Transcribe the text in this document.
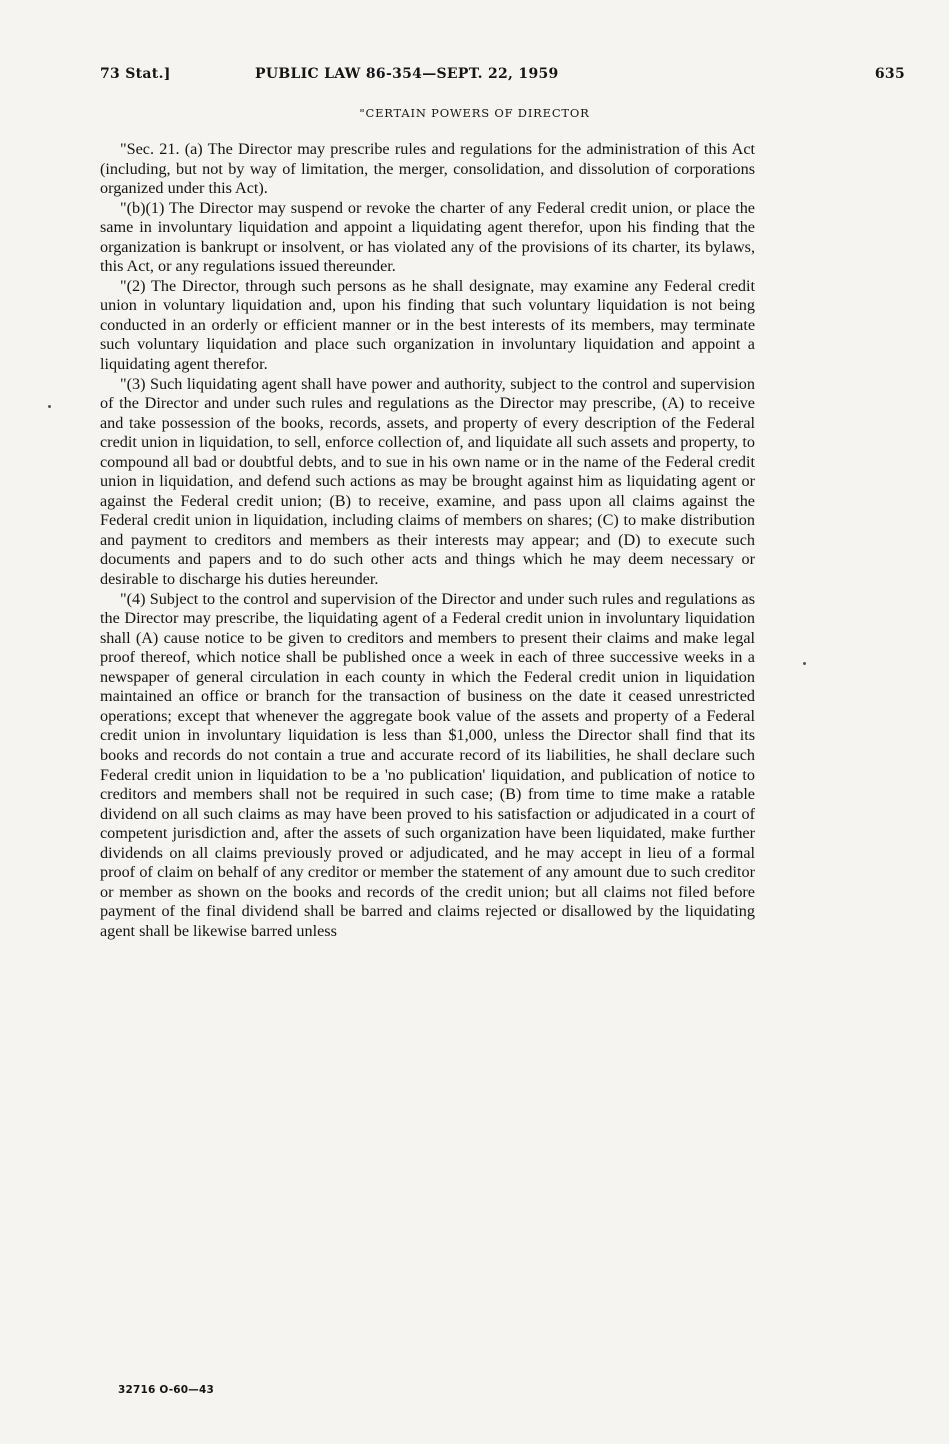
73 Stat.]	PUBLIC LAW 86-354—SEPT. 22, 1959	635
"CERTAIN POWERS OF DIRECTOR

"Sec. 21. (a) The Director may prescribe rules and regulations for the administration of this Act (including, but not by way of limitation, the merger, consolidation, and dissolution of corporations organized under this Act).

"(b)(1) The Director may suspend or revoke the charter of any Federal credit union, or place the same in involuntary liquidation and appoint a liquidating agent therefor, upon his finding that the organization is bankrupt or insolvent, or has violated any of the provisions of its charter, its bylaws, this Act, or any regulations issued thereunder.

"(2) The Director, through such persons as he shall designate, may examine any Federal credit union in voluntary liquidation and, upon his finding that such voluntary liquidation is not being conducted in an orderly or efficient manner or in the best interests of its members, may terminate such voluntary liquidation and place such organization in involuntary liquidation and appoint a liquidating agent therefor.

"(3) Such liquidating agent shall have power and authority, subject to the control and supervision of the Director and under such rules and regulations as the Director may prescribe, (A) to receive and take possession of the books, records, assets, and property of every description of the Federal credit union in liquidation, to sell, enforce collection of, and liquidate all such assets and property, to compound all bad or doubtful debts, and to sue in his own name or in the name of the Federal credit union in liquidation, and defend such actions as may be brought against him as liquidating agent or against the Federal credit union; (B) to receive, examine, and pass upon all claims against the Federal credit union in liquidation, including claims of members on shares; (C) to make distribution and payment to creditors and members as their interests may appear; and (D) to execute such documents and papers and to do such other acts and things which he may deem necessary or desirable to discharge his duties hereunder.

"(4) Subject to the control and supervision of the Director and under such rules and regulations as the Director may prescribe, the liquidating agent of a Federal credit union in involuntary liquidation shall (A) cause notice to be given to creditors and members to present their claims and make legal proof thereof, which notice shall be published once a week in each of three successive weeks in a newspaper of general circulation in each county in which the Federal credit union in liquidation maintained an office or branch for the transaction of business on the date it ceased unrestricted operations; except that whenever the aggregate book value of the assets and property of a Federal credit union in involuntary liquidation is less than $1,000, unless the Director shall find that its books and records do not contain a true and accurate record of its liabilities, he shall declare such Federal credit union in liquidation to be a 'no publication' liquidation, and publication of notice to creditors and members shall not be required in such case; (B) from time to time make a ratable dividend on all such claims as may have been proved to his satisfaction or adjudicated in a court of competent jurisdiction and, after the assets of such organization have been liquidated, make further dividends on all claims previously proved or adjudicated, and he may accept in lieu of a formal proof of claim on behalf of any creditor or member the statement of any amount due to such creditor or member as shown on the books and records of the credit union; but all claims not filed before payment of the final dividend shall be barred and claims rejected or disallowed by the liquidating agent shall be likewise barred unless

32716 O-60—43
